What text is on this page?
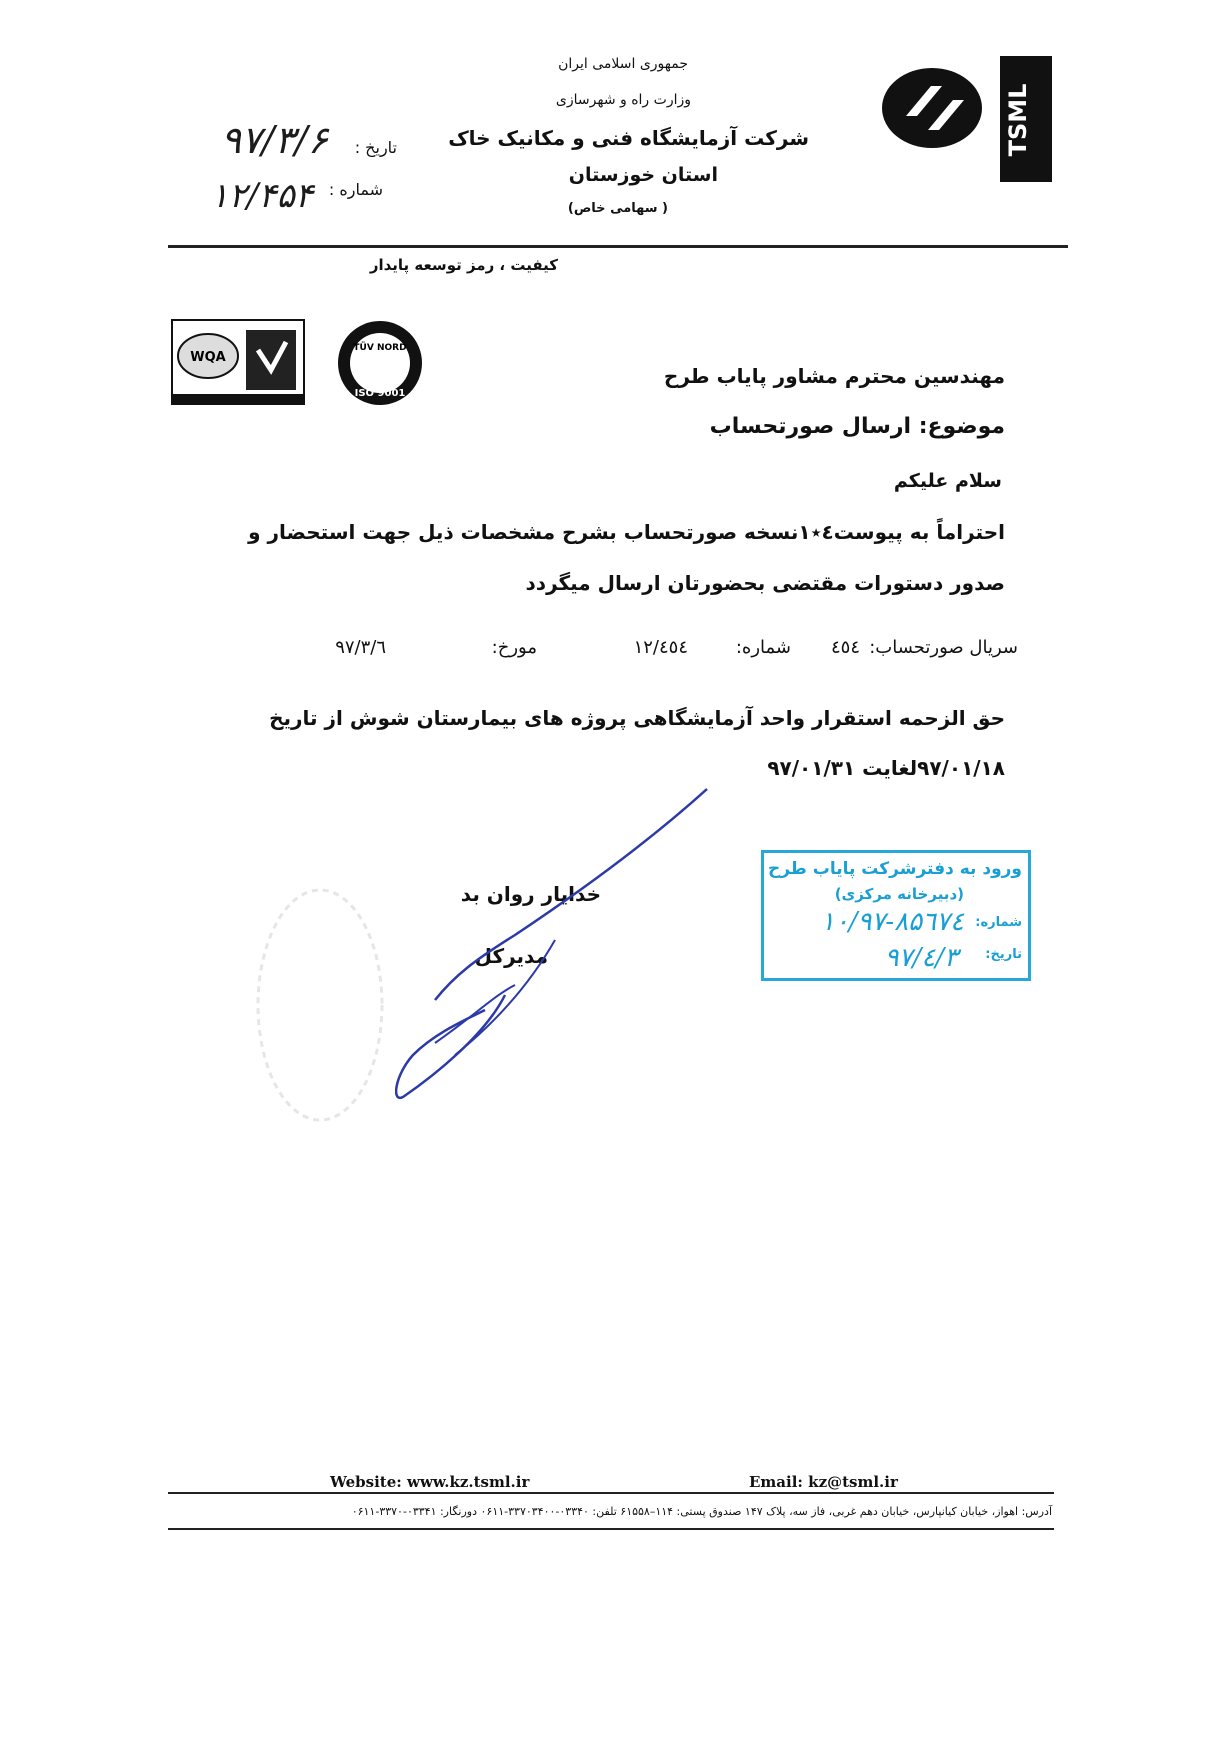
جمهوری اسلامی ایران
وزارت راه و شهرسازی
شرکت آزمایشگاه فنی و مکانیک خاک
استان خوزستان
( سهامی خاص)
تاریخ :
۹۷/۳/۶
شماره :
۱۲/۴۵۴
TSML
کیفیت ، رمز توسعه پایدار
WQA
TÜV NORD
ISO 9001
مهندسین محترم مشاور پایاب طرح
موضوع: ارسال صورتحساب
سلام علیکم
احتراماً به پیوست٤٭۱نسخه صورتحساب بشرح مشخصات ذیل جهت استحضار و
صدور دستورات مقتضی بحضورتان ارسال میگردد
سریال صورتحساب:
٤٥٤
شماره:
۱۲/٤٥٤
مورخ:
۹۷/۳/٦
حق الزحمه استقرار واحد آزمایشگاهی پروژه های بیمارستان شوش از تاریخ
۹۷/۰۱/۱۸لغایت ۹۷/۰۱/۳۱
خدایار روان بد
مدیرکل
ورود به دفترشرکت پایاب طرح
(دبیرخانه مرکزی)
شماره:
۱۰/۹۷-۸۵٦٧٤
تاریخ:
۹۷/٤/۳
Website: www.kz.tsml.ir	Email: kz@tsml.ir
آدرس: اهواز، خیابان کیانپارس، خیابان دهم غربی، فاز سه، پلاک ۱۴۷ صندوق پستی: ۱۱۴–۶۱۵۵۸ تلفن: ۰۳۳۴۰-۳۳۷۰۳۴۰۰-۰۶۱۱ دورنگار: ۰۳۳۴۱-۳۳۷۰-۰۶۱۱
